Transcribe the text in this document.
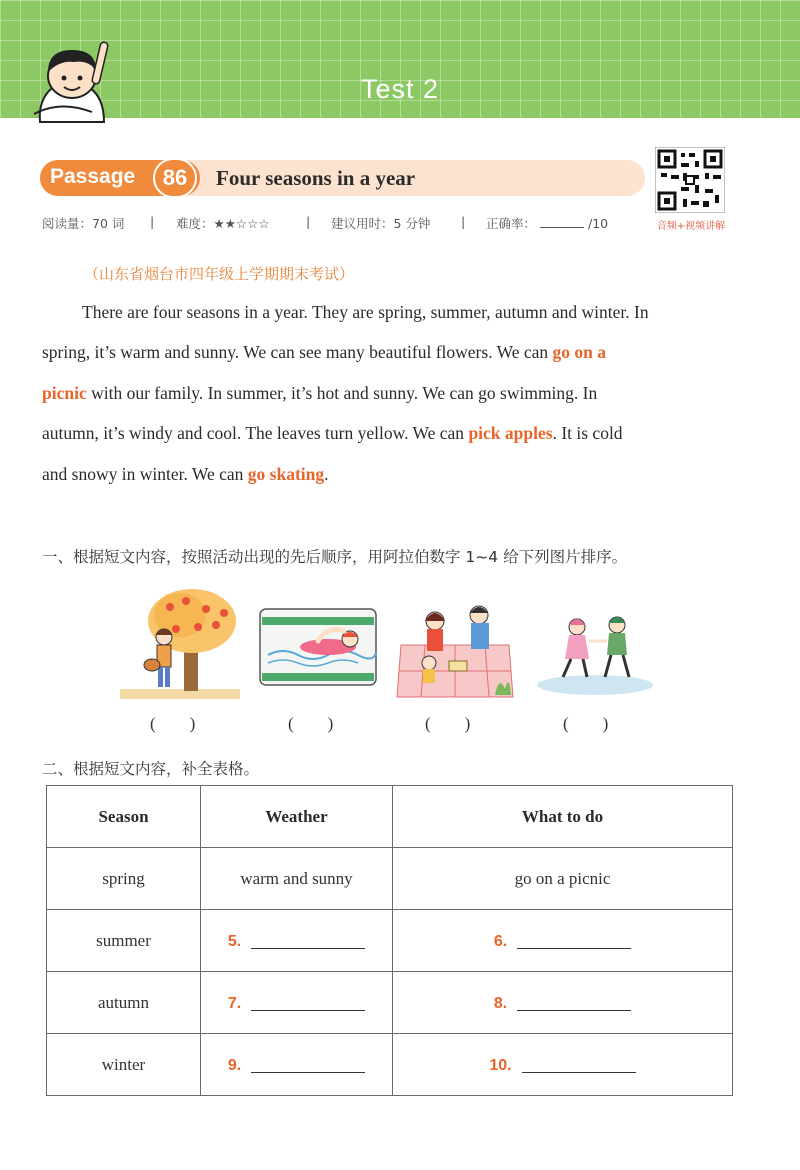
Test 2
Passage	86	Four seasons in a year
音频+视频讲解
阅读量：70 词 | 难度：★★☆☆☆	| 建议用时：5 分钟 | 正确率：	/10
（山东省烟台市四年级上学期期末考试）
There are four seasons in a year. They are spring, summer, autumn and winter. In
spring, it’s warm and sunny. We can see many beautiful flowers. We can go on a
picnic with our family. In summer, it’s hot and sunny. We can go swimming. In
autumn, it’s windy and cool. The leaves turn yellow. We can pick apples. It is cold
and snowy in winter. We can go skating.
一、根据短文内容，按照活动出现的先后顺序，用阿拉伯数字 1~4 给下列图片排序。
(        )	(        )	(        )	(        )
二、根据短文内容，补全表格。
Season	Weather	What to do
spring	warm and sunny	go on a picnic
summer	5.	6.
autumn	7.	8.
winter	9.	10.
